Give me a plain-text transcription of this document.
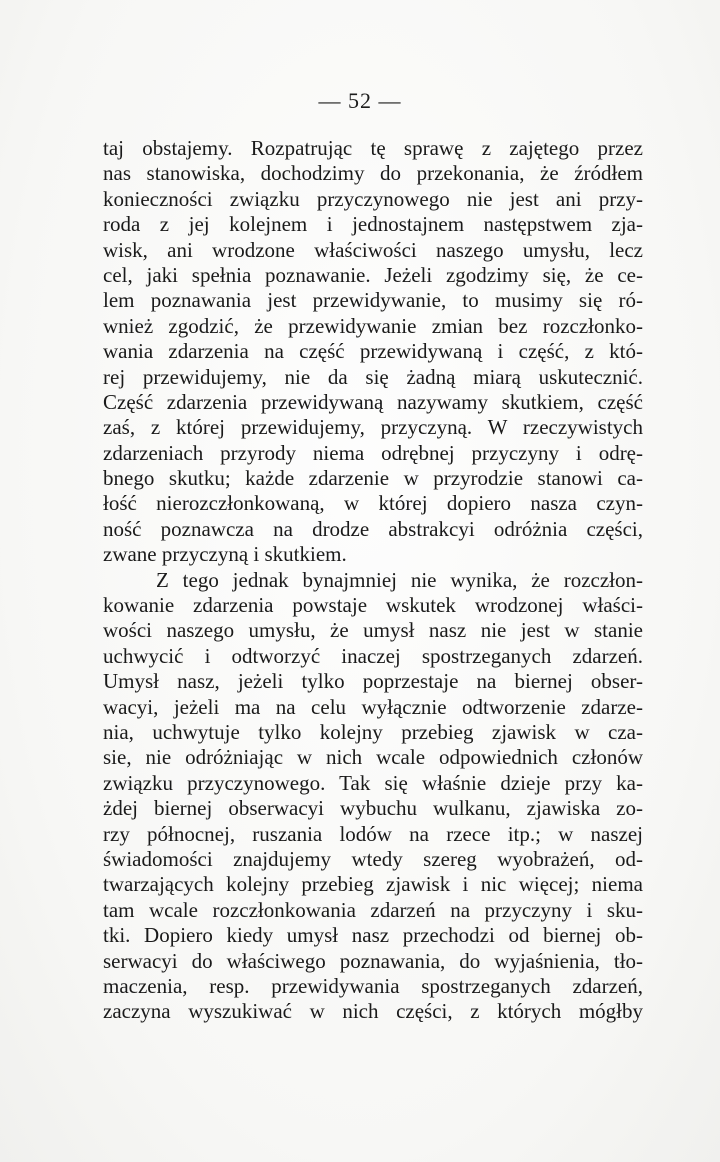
— 52 —
taj obstajemy. Rozpatrując tę sprawę z zajętego przez
nas stanowiska, dochodzimy do przekonania, że źródłem
konieczności związku przyczynowego nie jest ani przy-
roda z jej kolejnem i jednostajnem następstwem zja-
wisk, ani wrodzone właściwości naszego umysłu, lecz
cel, jaki spełnia poznawanie. Jeżeli zgodzimy się, że ce-
lem poznawania jest przewidywanie, to musimy się ró-
wnież zgodzić, że przewidywanie zmian bez rozczłonko-
wania zdarzenia na część przewidywaną i część, z któ-
rej przewidujemy, nie da się żadną miarą uskutecznić.
Część zdarzenia przewidywaną nazywamy skutkiem, część
zaś, z której przewidujemy, przyczyną. W rzeczywistych
zdarzeniach przyrody niema odrębnej przyczyny i odrę-
bnego skutku; każde zdarzenie w przyrodzie stanowi ca-
łość nierozczłonkowaną, w której dopiero nasza czyn-
ność poznawcza na drodze abstrakcyi odróżnia części,
zwane przyczyną i skutkiem.
Z tego jednak bynajmniej nie wynika, że rozczłon-
kowanie zdarzenia powstaje wskutek wrodzonej właści-
wości naszego umysłu, że umysł nasz nie jest w stanie
uchwycić i odtworzyć inaczej spostrzeganych zdarzeń.
Umysł nasz, jeżeli tylko poprzestaje na biernej obser-
wacyi, jeżeli ma na celu wyłącznie odtworzenie zdarze-
nia, uchwytuje tylko kolejny przebieg zjawisk w cza-
sie, nie odróżniając w nich wcale odpowiednich członów
związku przyczynowego. Tak się właśnie dzieje przy ka-
żdej biernej obserwacyi wybuchu wulkanu, zjawiska zo-
rzy północnej, ruszania lodów na rzece itp.; w naszej
świadomości znajdujemy wtedy szereg wyobrażeń, od-
twarzających kolejny przebieg zjawisk i nic więcej; niema
tam wcale rozczłonkowania zdarzeń na przyczyny i sku-
tki. Dopiero kiedy umysł nasz przechodzi od biernej ob-
serwacyi do właściwego poznawania, do wyjaśnienia, tło-
maczenia, resp. przewidywania spostrzeganych zdarzeń,
zaczyna wyszukiwać w nich części, z których mógłby
